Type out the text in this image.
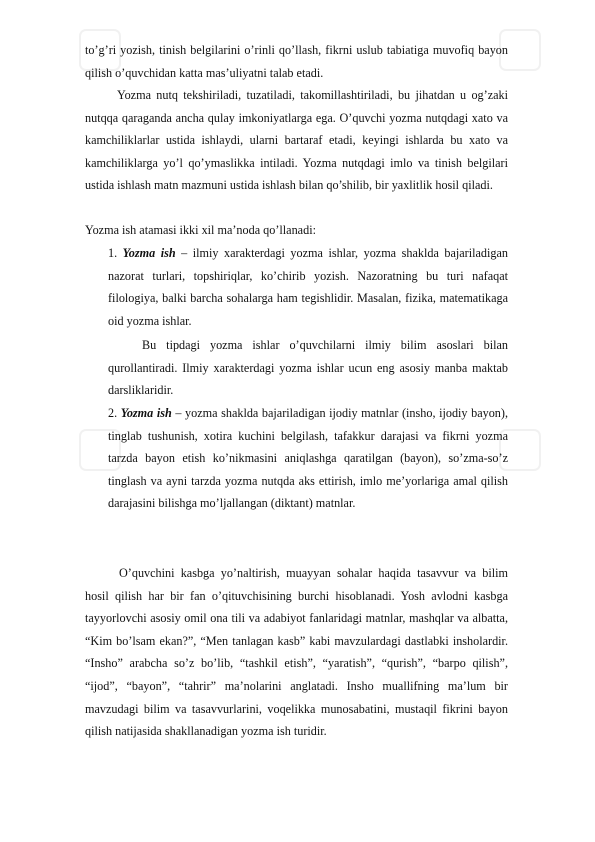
to’g’ri yozish, tinish belgilarini o’rinli qo’llash, fikrni uslub tabiatiga muvofiq bayon qilish o’quvchidan katta mas’uliyatni talab etadi.

Yozma nutq tekshiriladi, tuzatiladi, takomillashtiriladi, bu jihatdan u og’zaki nutqqa qaraganda ancha qulay imkoniyatlarga ega. O’quvchi yozma nutqdagi xato va kamchiliklarlar ustida ishlaydi, ularni bartaraf etadi, keyingi ishlarda bu xato va kamchiliklarga yo’l qo’ymaslikka intiladi. Yozma nutqdagi imlo va tinish belgilari ustida ishlash matn mazmuni ustida ishlash bilan qo’shilib, bir yaxlitlik hosil qiladi.

Yozma ish atamasi ikki xil ma’noda qo’llanadi:

1. Yozma ish – ilmiy xarakterdagi yozma ishlar, yozma shaklda bajariladigan nazorat turlari, topshiriqlar, ko’chirib yozish. Nazoratning bu turi nafaqat filologiya, balki barcha sohalarga ham tegishlidir. Masalan, fizika, matematikaga oid yozma ishlar.

Bu tipdagi yozma ishlar o’quvchilarni ilmiy bilim asoslari bilan qurollantiradi. Ilmiy xarakterdagi yozma ishlar ucun eng asosiy manba maktab darsliklaridir.

2. Yozma ish – yozma shaklda bajariladigan ijodiy matnlar (insho, ijodiy bayon), tinglab tushunish, xotira kuchini belgilash, tafakkur darajasi va fikrni yozma tarzda bayon etish ko’nikmasini aniqlashga qaratilgan (bayon), so’zma-so’z tinglash va ayni tarzda yozma nutqda aks ettirish, imlo me’yorlariga amal qilish darajasini bilishga mo’ljallangan (diktant) matnlar.

O’quvchini kasbga yo’naltirish, muayyan sohalar haqida tasavvur va bilim hosil qilish har bir fan o’qituvchisining burchi hisoblanadi. Yosh avlodni kasbga tayyorlovchi asosiy omil ona tili va adabiyot fanlaridagi matnlar, mashqlar va albatta, “Kim bo’lsam ekan?”, “Men tanlagan kasb” kabi mavzulardagi dastlabki insholardir. “Insho” arabcha so’z bo’lib, “tashkil etish”, “yaratish”, “qurish”, “barpo qilish”, “ijod”, “bayon”, “tahrir” ma’nolarini anglatadi. Insho muallifning ma’lum bir mavzudagi bilim va tasavvurlarini, voqelikka munosabatini, mustaqil fikrini bayon qilish natijasida shakllanadigan yozma ish turidir.
